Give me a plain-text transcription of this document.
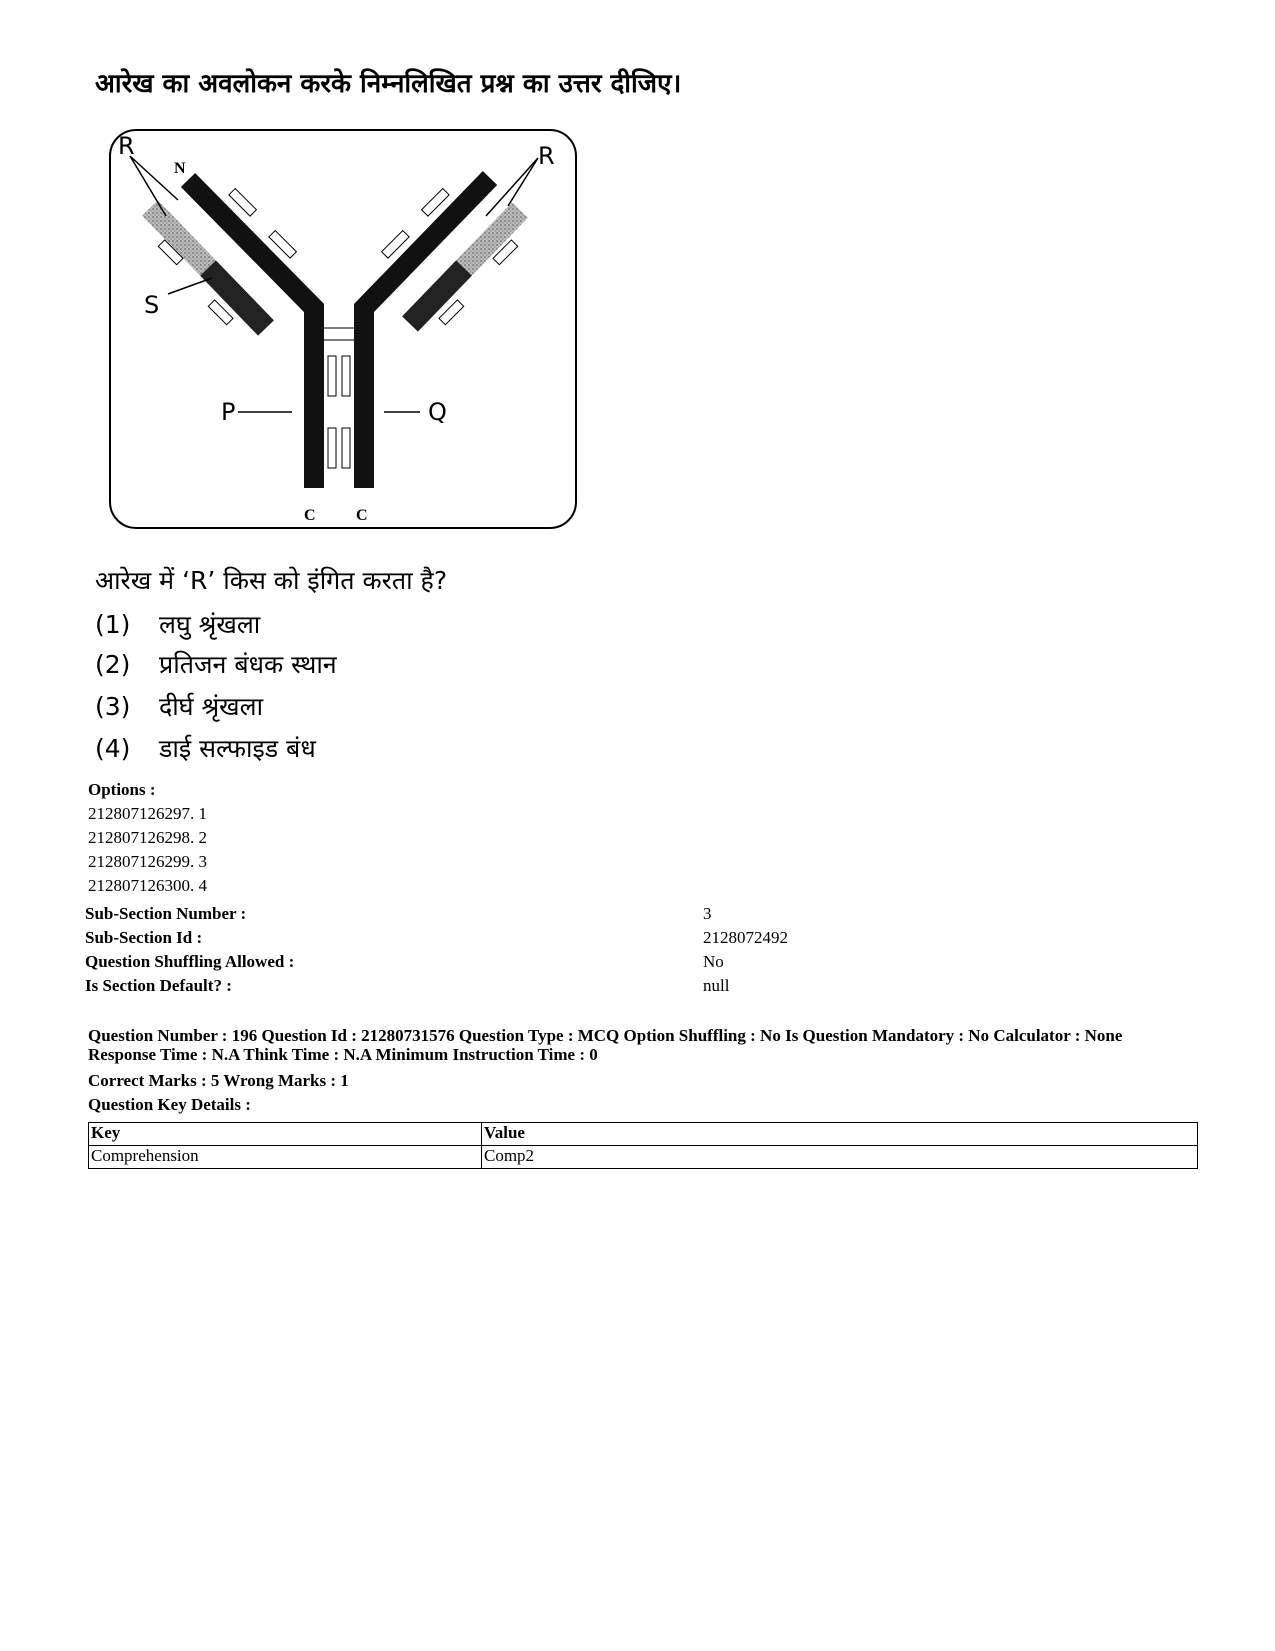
आरेख का अवलोकन करके निम्नलिखित प्रश्न का उत्तर दीजिए।
R	R
S
P	Q
N
C	C

आरेख में ‘R’ किस को इंगित करता है?

(1) लघु श्रृंखला
(2) प्रतिजन बंधक स्थान
(3) दीर्घ श्रृंखला
(4) डाई सल्फाइड बंध
Options :
212807126297. 1
212807126298. 2
212807126299. 3
212807126300. 4
Sub-Section Number :	3
Sub-Section Id :	2128072492
Question Shuffling Allowed :	No
Is Section Default? :	null
Question Number : 196 Question Id : 21280731576 Question Type : MCQ Option Shuffling : No Is Question Mandatory : No Calculator : None
Response Time : N.A Think Time : N.A Minimum Instruction Time : 0
Correct Marks : 5 Wrong Marks : 1
Question Key Details :
Key	Value
Comprehension	Comp2
